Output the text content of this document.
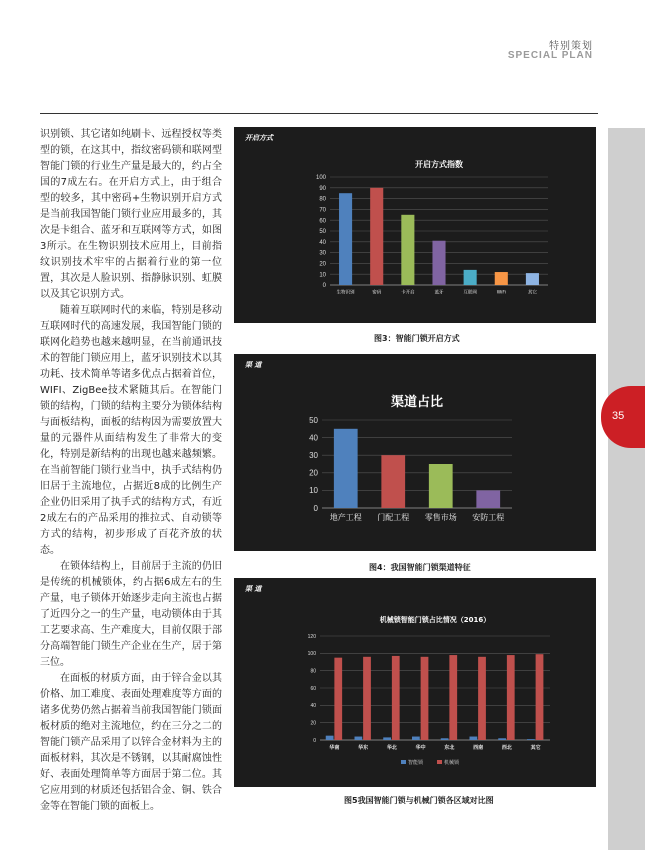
特别策划
SPECIAL PLAN
35

识别锁、其它诸如纯刷卡、远程授权等类型的锁，在这其中，指纹密码锁和联网型智能门锁的行业生产量是最大的，约占全国的7成左右。在开启方式上，由于组合型的较多，其中密码+生物识别开启方式是当前我国智能门锁行业应用最多的，其次是卡组合、蓝牙和互联网等方式，如图3所示。在生物识别技术应用上，目前指纹识别技术牢牢的占据着行业的第一位置，其次是人脸识别、指静脉识别、虹膜以及其它识别方式。

随着互联网时代的来临，特别是移动互联网时代的高速发展，我国智能门锁的联网化趋势也越来越明显，在当前通讯技术的智能门锁应用上，蓝牙识别技术以其功耗、技术简单等诸多优点占据着首位，WIFI、ZigBee技术紧随其后。在智能门锁的结构，门锁的结构主要分为锁体结构与面板结构，面板的结构因为需要放置大量的元器件从面结构发生了非常大的变化，特别是新结构的出现也越来越频繁。在当前智能门锁行业当中，执手式结构仍旧居于主流地位，占据近8成的比例生产企业仍旧采用了执手式的结构方式，有近2成左右的产品采用的推拉式、自动锁等方式的结构，初步形成了百花齐放的状态。

在锁体结构上，目前居于主流的仍旧是传统的机械锁体，约占据6成左右的生产量，电子锁体开始逐步走向主流也占据了近四分之一的生产量，电动锁体由于其工艺要求高、生产难度大，目前仅限于部分高端智能门锁生产企业在生产，居于第三位。

在面板的材质方面，由于锌合金以其价格、加工难度、表面处理难度等方面的诸多优势仍然占据着当前我国智能门锁面板材质的绝对主流地位，约在三分之二的智能门锁产品采用了以锌合金材料为主的面板材料，其次是不锈钢，以其耐腐蚀性好、表面处理简单等方面居于第二位。其它应用到的材质还包括铝合金、铜、铁合金等在智能门锁的面板上。

开启方式指数
0
10
20
30
40
50
60
70
80
90
100
生物识别	密码	卡开启	蓝牙	互联网	WiFi	其它
开启方式
图3：智能门锁开启方式
渠道占比
0
10
20
30
40
50
地产工程 门配工程 零售市场 安防工程
渠 道
图4：我国智能门锁渠道特征
机械锁智能门锁占比情况（2016）
0
20
40
60
80
100
120
智能锁	机械锁
华南	华东	华北	华中	东北	西南	西北	其它
渠 道
图5我国智能门锁与机械门锁各区域对比图
